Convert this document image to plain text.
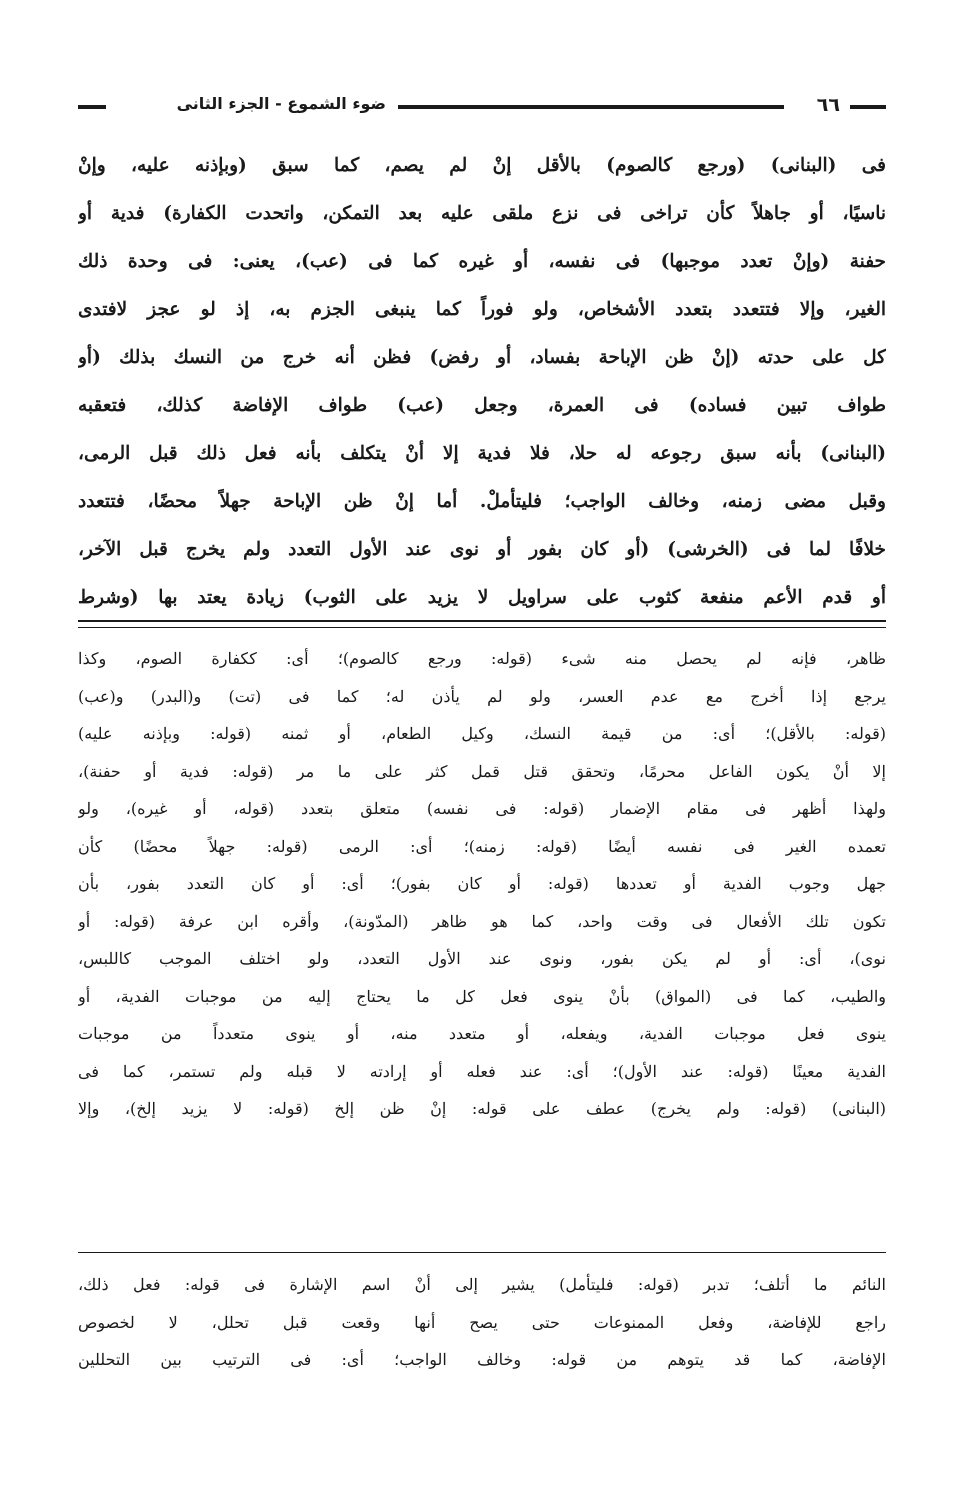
٦٦
ضوء الشموع - الجزء الثانى
فى (البنانى) (ورجع كالصوم) بالأقل إنْ لم يصم، كما سبق (وبإذنه عليه، وإنْ
ناسيًا، أو جاهلاً كأن تراخى فى نزع ملقى عليه بعد التمكن، واتحدت الكفارة) فدية أو
حفنة (وإنْ تعدد موجبها) فى نفسه، أو غيره كما فى (عب)، يعنى: فى وحدة ذلك
الغير، وإلا فتتعدد بتعدد الأشخاص، ولو فوراً كما ينبغى الجزم به، إذ لو عجز لافتدى
كل على حدته (إنْ ظن الإباحة بفساد، أو رفض) فظن أنه خرج من النسك بذلك (أو
طواف تبين فساده) فى العمرة، وجعل (عب) طواف الإفاضة كذلك، فتعقبه
(البنانى) بأنه سبق رجوعه له حلا، فلا فدية إلا أنْ يتكلف بأنه فعل ذلك قبل الرمى،
وقبل مضى زمنه، وخالف الواجب؛ فليتأملْ. أما إنْ ظن الإباحة جهلاً محضًا، فتتعدد
خلافًا لما فى (الخرشى) (أو كان بفور أو نوى عند الأول التعدد ولم يخرج قبل الآخر،
أو قدم الأعم منفعة كثوب على سراويل لا يزيد على الثوب) زيادة يعتد بها (وشرط
ظاهر، فإنه لم يحصل منه شىء (قوله: ورجع كالصوم)؛ أى: ككفارة الصوم، وكذا
يرجع إذا أخرج مع عدم العسر، ولو لم يأذن له؛ كما فى (تت) و(البدر) و(عب)
(قوله: بالأقل)؛ أى: من قيمة النسك، وكيل الطعام، أو ثمنه (قوله: وبإذنه عليه)
إلا أنْ يكون الفاعل محرمًا، وتحقق قتل قمل كثر على ما مر (قوله: فدية أو حفنة)،
ولهذا أظهر فى مقام الإضمار (قوله: فى نفسه) متعلق بتعدد (قوله، أو غيره)، ولو
تعمده الغير فى نفسه أيضًا (قوله: زمنه)؛ أى: الرمى (قوله: جهلاً محضًا) كأن
جهل وجوب الفدية أو تعددها (قوله: أو كان بفور)؛ أى: أو كان التعدد بفور، بأن
تكون تلك الأفعال فى وقت واحد، كما هو ظاهر (المدّونة)، وأقره ابن عرفة (قوله: أو
نوى)، أى: أو لم يكن بفور، ونوى عند الأول التعدد، ولو اختلف الموجب كاللبس،
والطيب، كما فى (المواق) بأنْ ينوى فعل كل ما يحتاج إليه من موجبات الفدية، أو
ينوى فعل موجبات الفدية، ويفعله، أو متعدد منه، أو ينوى متعدداً من موجبات
الفدية معينًا (قوله: عند الأول)؛ أى: عند فعله أو إرادته لا قبله ولم تستمر، كما فى
(البنانى) (قوله: ولم يخرج) عطف على قوله: إنْ ظن إلخ (قوله: لا يزيد إلخ)، وإلا
النائم ما أتلف؛ تدبر (قوله: فليتأمل) يشير إلى أنْ اسم الإشارة فى قوله: فعل ذلك،
راجع للإفاضة، وفعل الممنوعات حتى يصح أنها وقعت قبل تحلل، لا لخصوص
الإفاضة، كما قد يتوهم من قوله: وخالف الواجب؛ أى: فى الترتيب بين التحللين
